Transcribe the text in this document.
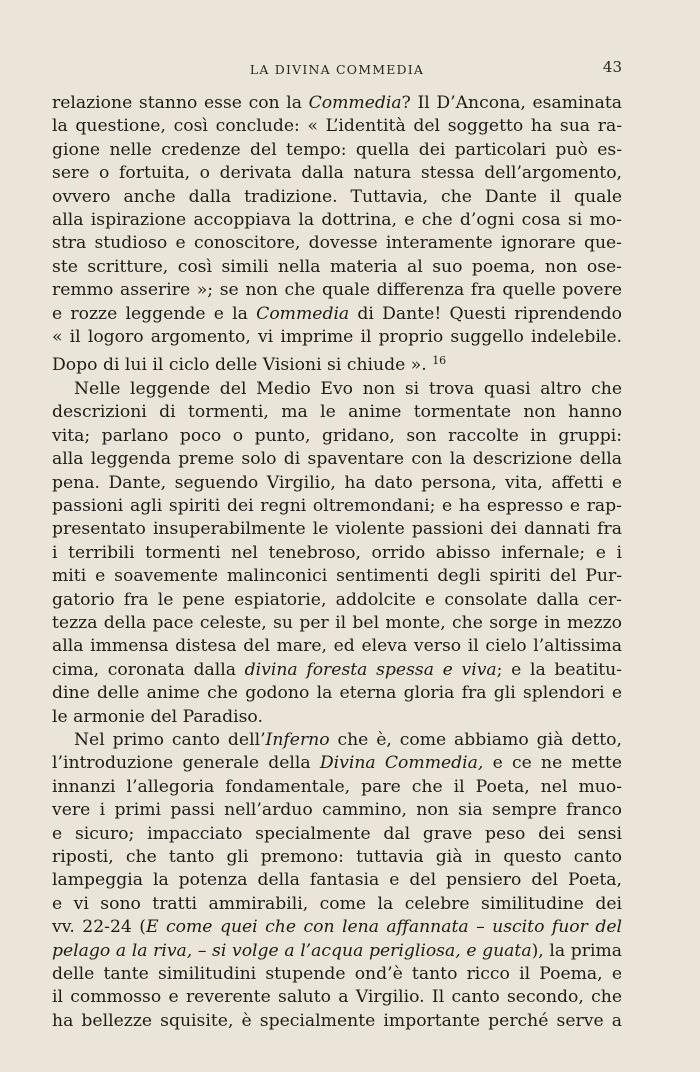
LA DIVINA COMMEDIA	43
relazione stanno esse con la Commedia? Il D’Ancona, esaminata
la questione, così conclude: « L’identità del soggetto ha sua ra-
gione nelle credenze del tempo: quella dei particolari può es-
sere o fortuita, o derivata dalla natura stessa dell’argomento,
ovvero anche dalla tradizione. Tuttavia, che Dante il quale
alla ispirazione accoppiava la dottrina, e che d’ogni cosa si mo-
stra studioso e conoscitore, dovesse interamente ignorare que-
ste scritture, così simili nella materia al suo poema, non ose-
remmo asserire »; se non che quale differenza fra quelle povere
e rozze leggende e la Commedia di Dante! Questi riprendendo
« il logoro argomento, vi imprime il proprio suggello indelebile.
Dopo di lui il ciclo delle Visioni si chiude ». $^{16}$
Nelle leggende del Medio Evo non si trova quasi altro che
descrizioni di tormenti, ma le anime tormentate non hanno
vita; parlano poco o punto, gridano, son raccolte in gruppi:
alla leggenda preme solo di spaventare con la descrizione della
pena. Dante, seguendo Virgilio, ha dato persona, vita, affetti e
passioni agli spiriti dei regni oltremondani; e ha espresso e rap-
presentato insuperabilmente le violente passioni dei dannati fra
i terribili tormenti nel tenebroso, orrido abisso infernale; e i
miti e soavemente malinconici sentimenti degli spiriti del Pur-
gatorio fra le pene espiatorie, addolcite e consolate dalla cer-
tezza della pace celeste, su per il bel monte, che sorge in mezzo
alla immensa distesa del mare, ed eleva verso il cielo l’altissima
cima, coronata dalla divina foresta spessa e viva; e la beatitu-
dine delle anime che godono la eterna gloria fra gli splendori e
le armonie del Paradiso.
Nel primo canto dell’Inferno che è, come abbiamo già detto,
l’introduzione generale della Divina Commedia, e ce ne mette
innanzi l’allegoria fondamentale, pare che il Poeta, nel muo-
vere i primi passi nell’arduo cammino, non sia sempre franco
e sicuro; impacciato specialmente dal grave peso dei sensi
riposti, che tanto gli premono: tuttavia già in questo canto
lampeggia la potenza della fantasia e del pensiero del Poeta,
e vi sono tratti ammirabili, come la celebre similitudine dei
vv. 22-24 (E come quei che con lena affannata – uscito fuor del
pelago a la riva, – si volge a l’acqua perigliosa, e guata), la prima
delle tante similitudini stupende ond’è tanto ricco il Poema, e
il commosso e reverente saluto a Virgilio. Il canto secondo, che
ha bellezze squisite, è specialmente importante perché serve a
